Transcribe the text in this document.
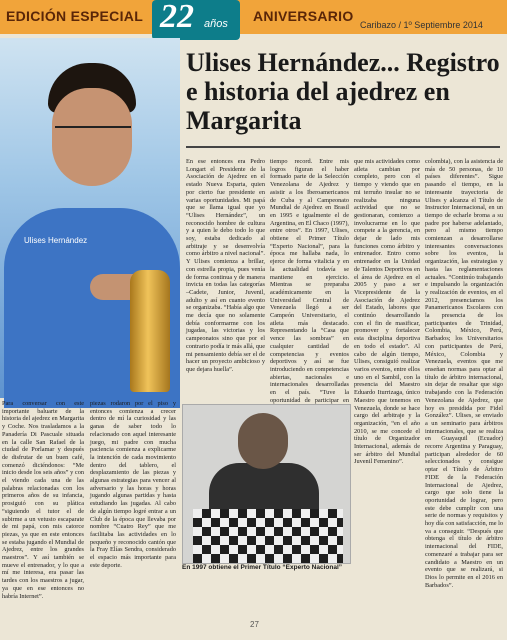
EDICIÓN ESPECIAL	ANIVERSARIO
22 años	Caribazo / 1º Septiembre 2014
Ulises Hernández
Ulises Hernández... Registro e historia del ajedrez en Margarita

En ese entonces era Pedro Longart el Presidente de la Asociación de Ajedrez en el estado Nueva Esparta, quien por cierto fue presidente en varias oportunidades. Mi papá que se llama igual que yo “Ulises Hernández”, un reconocido hombre de cultura y a quien le debo todo lo que soy, estaba dedicado al arbitraje y se desenvolvía como árbitro a nivel nacional”. Y Ulises comienza a brillar, con estrella propia, pues venía de forma continua y de manera invicta en todas las categorías –Cadete, Junior, Juvenil, adulto y así en cuanto evento se organizaba. “Había algo que me decía que no solamente debía conformarme con los jugadas, las victorias y los campeonatos sino que por el contrario podía ir más allá, que mi pensamiento debía ser el de hacer un proyecto ambicioso y que dejara huella”.

tiempo record. Entre mis logros figuran el haber formado parte de la Selección Venezolana de Ajedrez y asistir a los Iberoamericanos de Cuba y al Campeonato Mundial de Ajedrez en Brasil en 1995 e igualmente el de Argentina, en El Chaco (1997), entre otros”. En 1997, Ulises, obtiene el Primer Título “Experto Nacional”, para la época me hallaba nada, lo ejerce de forma vitalicia y en la actualidad todavía se mantiene en ejercicio. Mientras se preparaba académicamente en la Universidad Central de Venezuela llegó a ser Campeón Universitario, el atleta más destacado. Representando la “Casa que vence las sombras” en cualquier cantidad de competencias y eventos deportivos y así se fue introduciendo en competencias abiertas, nacionales e internacionales desarrolladas en el país. “Tuve la oportunidad de participar en

que mis actividades como atleta cambian por completo, pero con el tiempo y viendo que en mi terruño insular no se realizaba ninguna actividad que no se gestionaran, comienzo a involucrarme en lo que compete a la gerencia, en dejar de lado mis funciones como árbitro y entrenador. Entro como entrenador en la Unidad de Talentos Deportivos en el área de Ajedrez en el 2005 y paso a ser Vicepresidente de la Asociación de Ajedrez del Estado, labores que continúo desarrollando con el fin de masificar, promover y fortalecer esta disciplina deportiva en todo el estado”. Al cabo de algún tiempo, Ulises, consiguió realizar varios eventos, entre ellos uno en el Sambil, con la presencia del Maestro Eduardo Iturrizaga, único Maestro que tenemos en Venezuela, donde se hace cargo del arbitraje y la organización, “en el año 2010, se me concede el título de Organizador Internacional, además de ser árbitro del Mundial Juvenil Femenino”.

colombia), con la asistencia de más de 50 personas, de 10 países diferentes”. Sigue pasando el tiempo, en la interesante trayectoria de Ulises y alcanza el Título de Instructor Internacional, en un tiempo de echarle broma a su padre por haberse adelantado, pero al mismo tiempo comienzan a desarrollarse interesantes conversaciones sobre los eventos, la organización, las estrategias y hasta las reglamentaciones actuales. “Continúo trabajando e impulsando la organización y realización de eventos, en el 2012, presenciamos los Panamericanos Escolares con la presencia de los participantes de Trinidad, Colombia, México, Perú, Barbados; los Universitarios con participantes de Perú, México, Colombia y Venezuela, eventos que me enseñan normas para optar al título de árbitro internacional, sin dejar de resaltar que sigo trabajando con la Federación Venezolana de Ajedrez, que hoy es presidida por Fidel González”. Ulises, se enviado a un seminario para árbitros internacionales, que se realiza en Guayaquil (Ecuador) recorre Argentina y Paraguay, participan alrededor de 60 seleccionados y consigue optar el Título de Árbitro FIDE de la Federación Internacional de Ajedrez, cargo que solo tiene la oportunidad de lograr, pero este debe cumplir con una serie de normas y requisitos y hoy día con satisfacción, me lo va a conseguir. “Después que obtenga el título de árbitro internacional del FIDE, comenzaré a trabajar para ser candidato a Maestro en un evento que se realizará, si Dios lo permite en el 2016 en Barbados”.

Para conversar con este importante baluarte de la historia del ajedrez en Margarita y Coche. Nos trasladamos a la Panadería Di Pascuale situada en la calle San Rafael de la ciudad de Porlamar y después de disfrutar de un buen café, comenzó diciéndonos: “Me inicio desde los seis años” y con el viendo cada una de las palabras relacionadas con los primeros años de su infancia, prosiguió con su plática “siguiendo el tutor el de subirme a un vetusto escaparate de mi papá, con mis catorce piezas, ya que en este entonces se estaba jugando el Mundial de Ajedrez, entre los grandes maestros”. Y así también se mueve el entrenador, y lo que a mí me interesa, era pasar las tardes con los maestros a jugar, ya que en ese entonces no habría Internet”.

piezas rodaron por el piso y entonces comienza a crecer dentro de mí la curiosidad y las ganas de saber todo lo relacionado con aquel interesante juego, mi padre con mucha paciencia comienza a explicarme la intención de cada movimiento dentro del tablero, el desplazamiento de las piezas y algunas estrategias para vencer al adversario y las horas y horas jugando algunas partidas y hasta estudiando las jugadas. Al cabo de algún tiempo logré entrar a un Club de la época que llevaba por nombre “Cuatro Rey” que me facilitaba las actividades en lo pequeño y reconocido cantón que la Fray Elías Sendra, considerado el espacio más importante para este deporte.	En 1997 obtiene el Primer Título “Experto Nacional”

27
